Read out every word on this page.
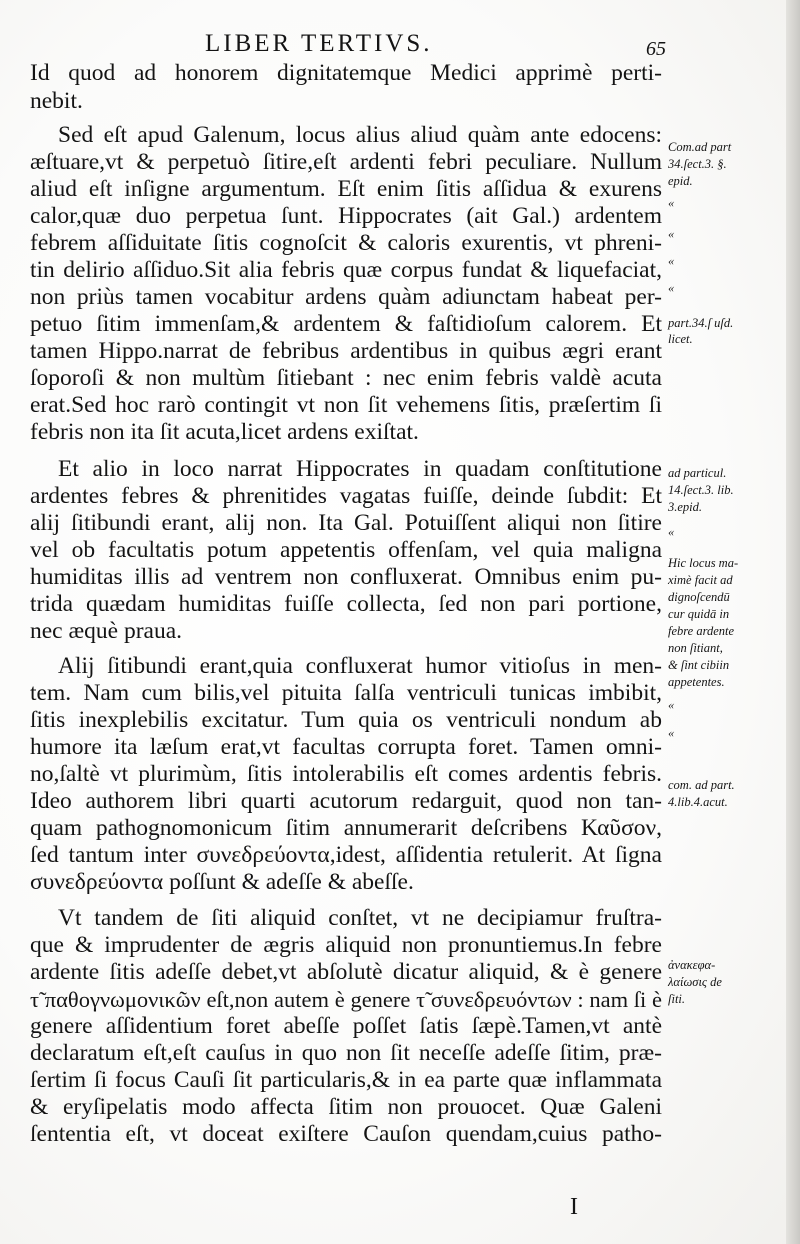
LIBER TERTIVS.	65
Id quod ad honorem dignitatemque Medici apprimè perti-
nebit.
Sed eſt apud Galenum, locus alius aliud quàm ante edocens:
æſtuare,vt & perpetuò ſitire,eſt ardenti febri peculiare. Nullum
aliud eſt inſigne argumentum. Eſt enim ſitis aſſidua & exurens
calor,quæ duo perpetua ſunt. Hippocrates (ait Gal.) ardentem
febrem aſſiduitate ſitis cognoſcit & caloris exurentis, vt phreni-
tin delirio aſſiduo.Sit alia febris quæ corpus fundat & liquefaciat,
non priùs tamen vocabitur ardens quàm adiunctam habeat per-
petuo ſitim immenſam,& ardentem & faſtidioſum calorem. Et
tamen Hippo.narrat de febribus ardentibus in quibus ægri erant
ſoporoſi & non multùm ſitiebant : nec enim febris valdè acuta
erat.Sed hoc rarò contingit vt non ſit vehemens ſitis, præſertim ſi
febris non ita ſit acuta,licet ardens exiſtat.
Et alio in loco narrat Hippocrates in quadam conſtitutione
ardentes febres & phrenitides vagatas fuiſſe, deinde ſubdit: Et
alij ſitibundi erant, alij non. Ita Gal. Potuiſſent aliqui non ſitire
vel ob facultatis potum appetentis offenſam, vel quia maligna
humiditas illis ad ventrem non confluxerat. Omnibus enim pu-
trida quædam humiditas fuiſſe collecta, ſed non pari portione,
nec æquè praua.
Alij ſitibundi erant,quia confluxerat humor vitioſus in men-
tem. Nam cum bilis,vel pituita ſalſa ventriculi tunicas imbibit,
ſitis inexplebilis excitatur. Tum quia os ventriculi nondum ab
humore ita læſum erat,vt facultas corrupta foret. Tamen omni-
no,ſaltè vt plurimùm, ſitis intolerabilis eſt comes ardentis febris.
Ideo authorem libri quarti acutorum redarguit, quod non tan-
quam pathognomonicum ſitim annumerarit deſcribens Καῦσον,
ſed tantum inter συνεδρεύοντα,idest, aſſidentia retulerit. At ſigna
συνεδρεύοντα poſſunt & adeſſe & abeſſe.
Vt tandem de ſiti aliquid conſtet, vt ne decipiamur fruſtra-
que & imprudenter de ægris aliquid non pronuntiemus.In febre
ardente ſitis adeſſe debet,vt abſolutè dicatur aliquid, & è genere
τ̃ παθογνωμονικῶν eſt,non autem è genere τ̃ συνεδρευόντων : nam ſi è
genere aſſidentium foret abeſſe poſſet ſatis ſæpè.Tamen,vt antè
declaratum eſt,eſt cauſus in quo non ſit neceſſe adeſſe ſitim, præ-
ſertim ſi focus Cauſi ſit particularis,& in ea parte quæ inflammata
& eryſipelatis modo affecta ſitim non prouocet. Quæ Galeni
ſententia eſt, vt doceat exiſtere Cauſon quendam,cuius patho-
Com.ad part
34.ſect.3. §.
epid.
«
«
«
«
part.34.ſ uſd.
licet.
ad particul.
14.ſect.3. lib.
3.epid.
«
Hic locus ma-
ximè facit ad
dignoſcendū
cur quidā in
febre ardente
non ſitiant,
& ſint cibiin
appetentes.
«
«
com. ad part.
4.lib.4.acut.
ἀνακεφα-
λαίωσις de
ſiti.
I
